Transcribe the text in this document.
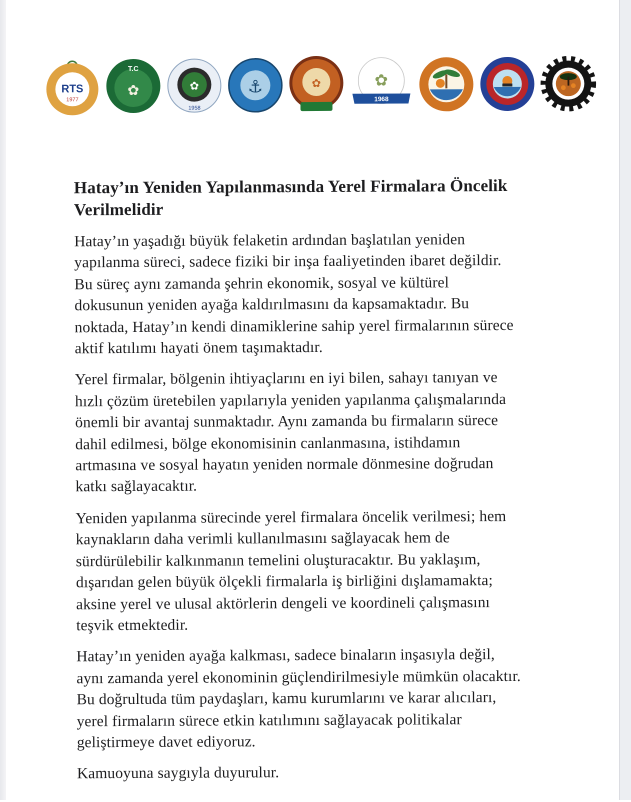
RTS
1977
T.C
✿	✿
1958
⚓	✿	✿
1968
Hatay’ın Yeniden Yapılanmasında Yerel Firmalara Öncelik
Verilmelidir

Hatay’ın yaşadığı büyük felaketin ardından başlatılan yeniden
yapılanma süreci, sadece fiziki bir inşa faaliyetinden ibaret değildir.
Bu süreç aynı zamanda şehrin ekonomik, sosyal ve kültürel
dokusunun yeniden ayağa kaldırılmasını da kapsamaktadır. Bu
noktada, Hatay’ın kendi dinamiklerine sahip yerel firmalarının sürece
aktif katılımı hayati önem taşımaktadır.

Yerel firmalar, bölgenin ihtiyaçlarını en iyi bilen, sahayı tanıyan ve
hızlı çözüm üretebilen yapılarıyla yeniden yapılanma çalışmalarında
önemli bir avantaj sunmaktadır. Aynı zamanda bu firmaların sürece
dahil edilmesi, bölge ekonomisinin canlanmasına, istihdamın
artmasına ve sosyal hayatın yeniden normale dönmesine doğrudan
katkı sağlayacaktır.

Yeniden yapılanma sürecinde yerel firmalara öncelik verilmesi; hem
kaynakların daha verimli kullanılmasını sağlayacak hem de
sürdürülebilir kalkınmanın temelini oluşturacaktır. Bu yaklaşım,
dışarıdan gelen büyük ölçekli firmalarla iş birliğini dışlamamakta;
aksine yerel ve ulusal aktörlerin dengeli ve koordineli çalışmasını
teşvik etmektedir.

Hatay’ın yeniden ayağa kalkması, sadece binaların inşasıyla değil,
aynı zamanda yerel ekonominin güçlendirilmesiyle mümkün olacaktır.
Bu doğrultuda tüm paydaşları, kamu kurumlarını ve karar alıcıları,
yerel firmaların sürece etkin katılımını sağlayacak politikalar
geliştirmeye davet ediyoruz.

Kamuoyuna saygıyla duyurulur.
